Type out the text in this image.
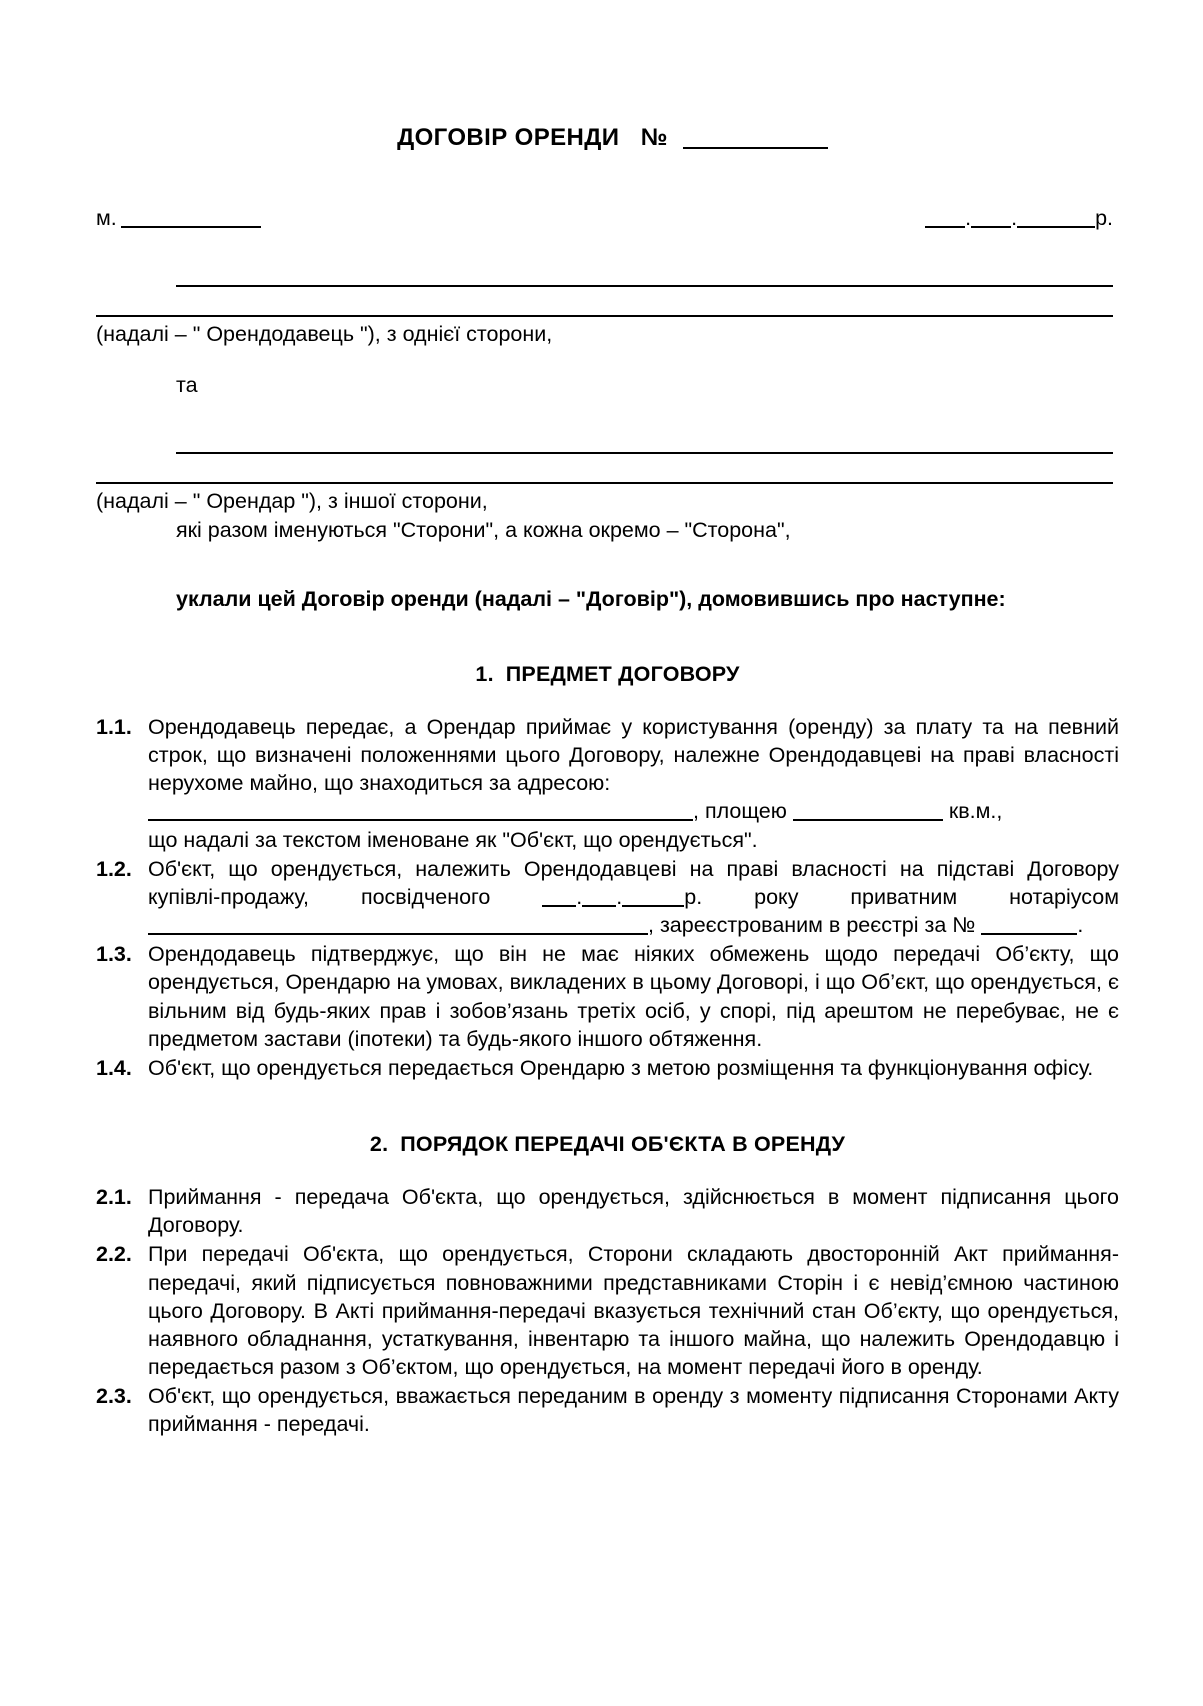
ДОГОВІР ОРЕНДИ №
м.	. .	р.
(надалі – " Орендодавець "), з однієї сторони,
та
(надалі – " Орендар "), з іншої сторони,
які разом іменуються "Сторони", а кожна окремо – "Сторона",
уклали цей Договір оренди (надалі – "Договір"), домовившись про наступне:
1. ПРЕДМЕТ ДОГОВОРУ
1.1. Орендодавець передає, а Орендар приймає у користування (оренду) за плату та на певний строк, що визначені положеннями цього Договору, належне Орендодавцеві на праві власності нерухоме майно, що знаходиться за адресою:

, площею	кв.м.,

що надалі за текстом іменоване як "Об'єкт, що орендується".

1.2. Об'єкт, що орендується, належить Орендодавцеві на праві власності на підставі Договору купівлі-продажу, посвідченого	. .	р. року приватним нотаріусом , зареєстрованим в реєстрі за №	.

1.3. Орендодавець підтверджує, що він не має ніяких обмежень щодо передачі Об’єкту, що орендується, Орендарю на умовах, викладених в цьому Договорі, і що Об’єкт, що орендується, є вільним від будь-яких прав і зобов’язань третіх осіб, у спорі, під арештом не перебуває, не є предметом застави (іпотеки) та будь-якого іншого обтяження.
1.4. Об'єкт, що орендується передається Орендарю з метою розміщення та функціонування офісу.
2. ПОРЯДОК ПЕРЕДАЧІ ОБ'ЄКТА В ОРЕНДУ
2.1. Приймання - передача Об'єкта, що орендується, здійснюється в момент підписання цього Договору.
2.2. При передачі Об'єкта, що орендується, Сторони складають двосторонній Акт приймання-передачі, який підписується повноважними представниками Сторін і є невід’ємною частиною цього Договору. В Акті приймання-передачі вказується технічний стан Об’єкту, що орендується, наявного обладнання, устаткування, інвентарю та іншого майна, що належить Орендодавцю і передається разом з Об’єктом, що орендується, на момент передачі його в оренду.
2.3. Об'єкт, що орендується, вважається переданим в оренду з моменту підписання Сторонами Акту приймання - передачі.
